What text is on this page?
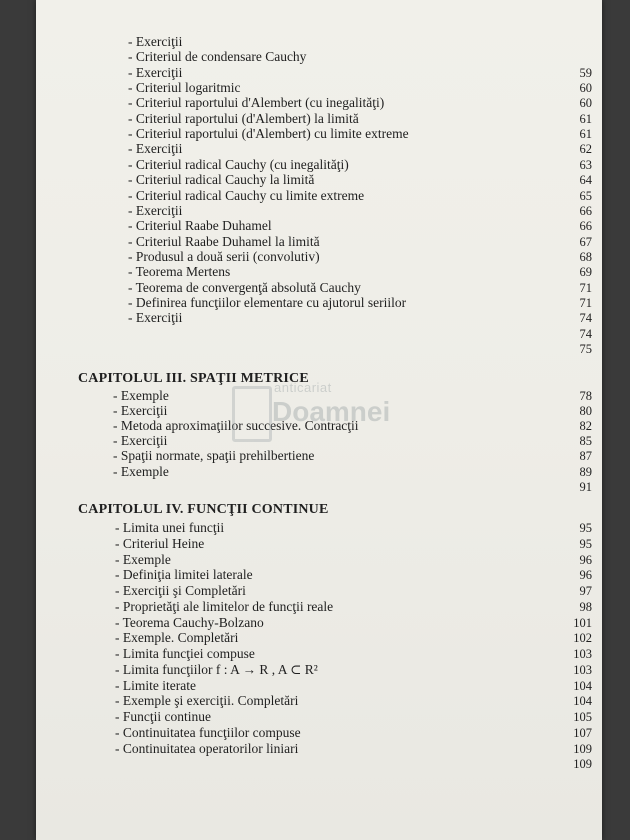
- Exerciţii
- Criteriul de condensare Cauchy
- Exerciţii	59
- Criteriul logaritmic	60
- Criteriul raportului d'Alembert (cu inegalităţi)	60
- Criteriul raportului (d'Alembert) la limită	61
- Criteriul raportului (d'Alembert) cu limite extreme	61
- Exerciţii	62
- Criteriul radical Cauchy (cu inegalităţi)	63
- Criteriul radical Cauchy la limită	64
- Criteriul radical Cauchy cu limite extreme	65
- Exerciţii	66
- Criteriul Raabe Duhamel	66
- Criteriul Raabe Duhamel la limită	67
- Produsul a două serii (convolutiv)	68
- Teorema Mertens	69
- Teorema de convergenţă absolută Cauchy	71
- Definirea funcţiilor elementare cu ajutorul seriilor	71
- Exerciţii	74
74
75
CAPITOLUL III. SPAŢII METRICE
- Exemple	78
- Exerciţii	80
- Metoda aproximaţiilor succesive. Contracţii	82
- Exerciţii	85
- Spaţii normate, spaţii prehilbertiene	87
- Exemple	89
91
CAPITOLUL IV. FUNCŢII CONTINUE
- Limita unei funcţii	95
- Criteriul Heine	95
- Exemple	96
- Definiţia limitei laterale	96
- Exerciţii şi Completări	97
- Proprietăţi ale limitelor de funcţii reale	98
- Teorema Cauchy-Bolzano	101
- Exemple. Completări	102
- Limita funcţiei compuse	103
- Limita funcţiilor f : A → R , A ⊂ R²	103
- Limite iterate	104
- Exemple şi exerciţii. Completări	104
- Funcţii continue	105
- Continuitatea funcţiilor compuse	107
- Continuitatea operatorilor liniari	109
109
anticariat
Doamnei
